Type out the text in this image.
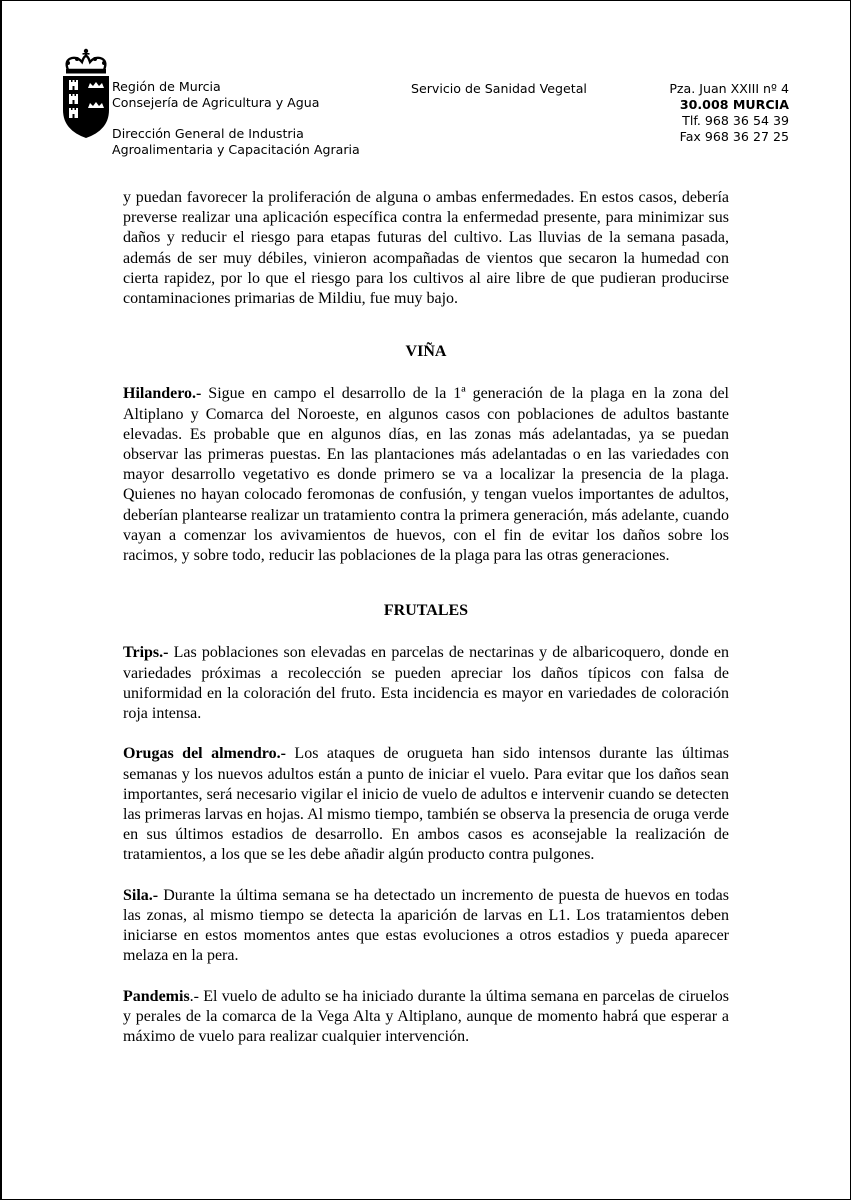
Región de Murcia
Consejería de Agricultura y Agua
Dirección General de Industria
Agroalimentaria y Capacitación Agraria
Servicio de Sanidad Vegetal	Pza. Juan XXIII nº 4
30.008 MURCIA
Tlf. 968 36 54 39
Fax 968 36 27 25

y puedan favorecer la proliferación de alguna o ambas enfermedades. En estos casos, debería preverse realizar una aplicación específica contra la enfermedad presente, para minimizar sus daños y reducir el riesgo para etapas futuras del cultivo. Las lluvias de la semana pasada, además de ser muy débiles, vinieron acompañadas de vientos que secaron la humedad con cierta rapidez, por lo que el riesgo para los cultivos al aire libre de que pudieran producirse contaminaciones primarias de Mildiu, fue muy bajo.

VIÑA

Hilandero.- Sigue en campo el desarrollo de la 1ª generación de la plaga en la zona del Altiplano y Comarca del Noroeste, en algunos casos con poblaciones de adultos bastante elevadas. Es probable que en algunos días, en las zonas más adelantadas, ya se puedan observar las primeras puestas. En las plantaciones más adelantadas o en las variedades con mayor desarrollo vegetativo es donde primero se va a localizar la presencia de la plaga. Quienes no hayan colocado feromonas de confusión, y tengan vuelos importantes de adultos, deberían plantearse realizar un tratamiento contra la primera generación, más adelante, cuando vayan a comenzar los avivamientos de huevos, con el fin de evitar los daños sobre los racimos, y sobre todo, reducir las poblaciones de la plaga para las otras generaciones.

FRUTALES

Trips.- Las poblaciones son elevadas en parcelas de nectarinas y de albaricoquero, donde en variedades próximas a recolección se pueden apreciar los daños típicos con falsa de uniformidad en la coloración del fruto. Esta incidencia es mayor en variedades de coloración roja intensa.

Orugas del almendro.- Los ataques de orugueta han sido intensos durante las últimas semanas y los nuevos adultos están a punto de iniciar el vuelo. Para evitar que los daños sean importantes, será necesario vigilar el inicio de vuelo de adultos e intervenir cuando se detecten las primeras larvas en hojas. Al mismo tiempo, también se observa la presencia de oruga verde en sus últimos estadios de desarrollo. En ambos casos es aconsejable la realización de tratamientos, a los que se les debe añadir algún producto contra pulgones.

Sila.- Durante la última semana se ha detectado un incremento de puesta de huevos en todas las zonas, al mismo tiempo se detecta la aparición de larvas en L1. Los tratamientos deben iniciarse en estos momentos antes que estas evoluciones a otros estadios y pueda aparecer melaza en la pera.

Pandemis.- El vuelo de adulto se ha iniciado durante la última semana en parcelas de ciruelos y perales de la comarca de la Vega Alta y Altiplano, aunque de momento habrá que esperar a máximo de vuelo para realizar cualquier intervención.
